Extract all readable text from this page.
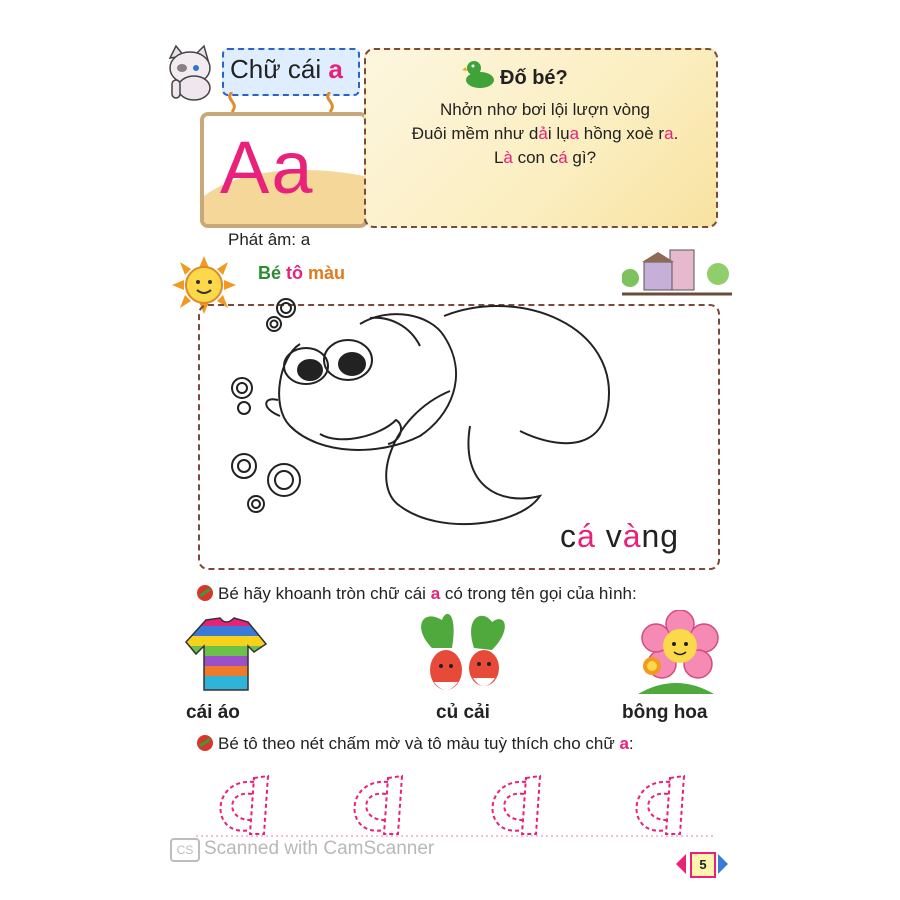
Chữ cái a
Aa
Phát âm: a
Đố bé?
Nhởn nhơ bơi lội lượn vòng
Đuôi mềm như dải lụa hồng xoè ra.
Là con cá gì?
Bé tô màu
cá vàng
Bé hãy khoanh tròn chữ cái a có trong tên gọi của hình:
cái áo	củ cải	bông hoa
Bé tô theo nét chấm mờ và tô màu tuỳ thích cho chữ a:
CS Scanned with CamScanner
5
